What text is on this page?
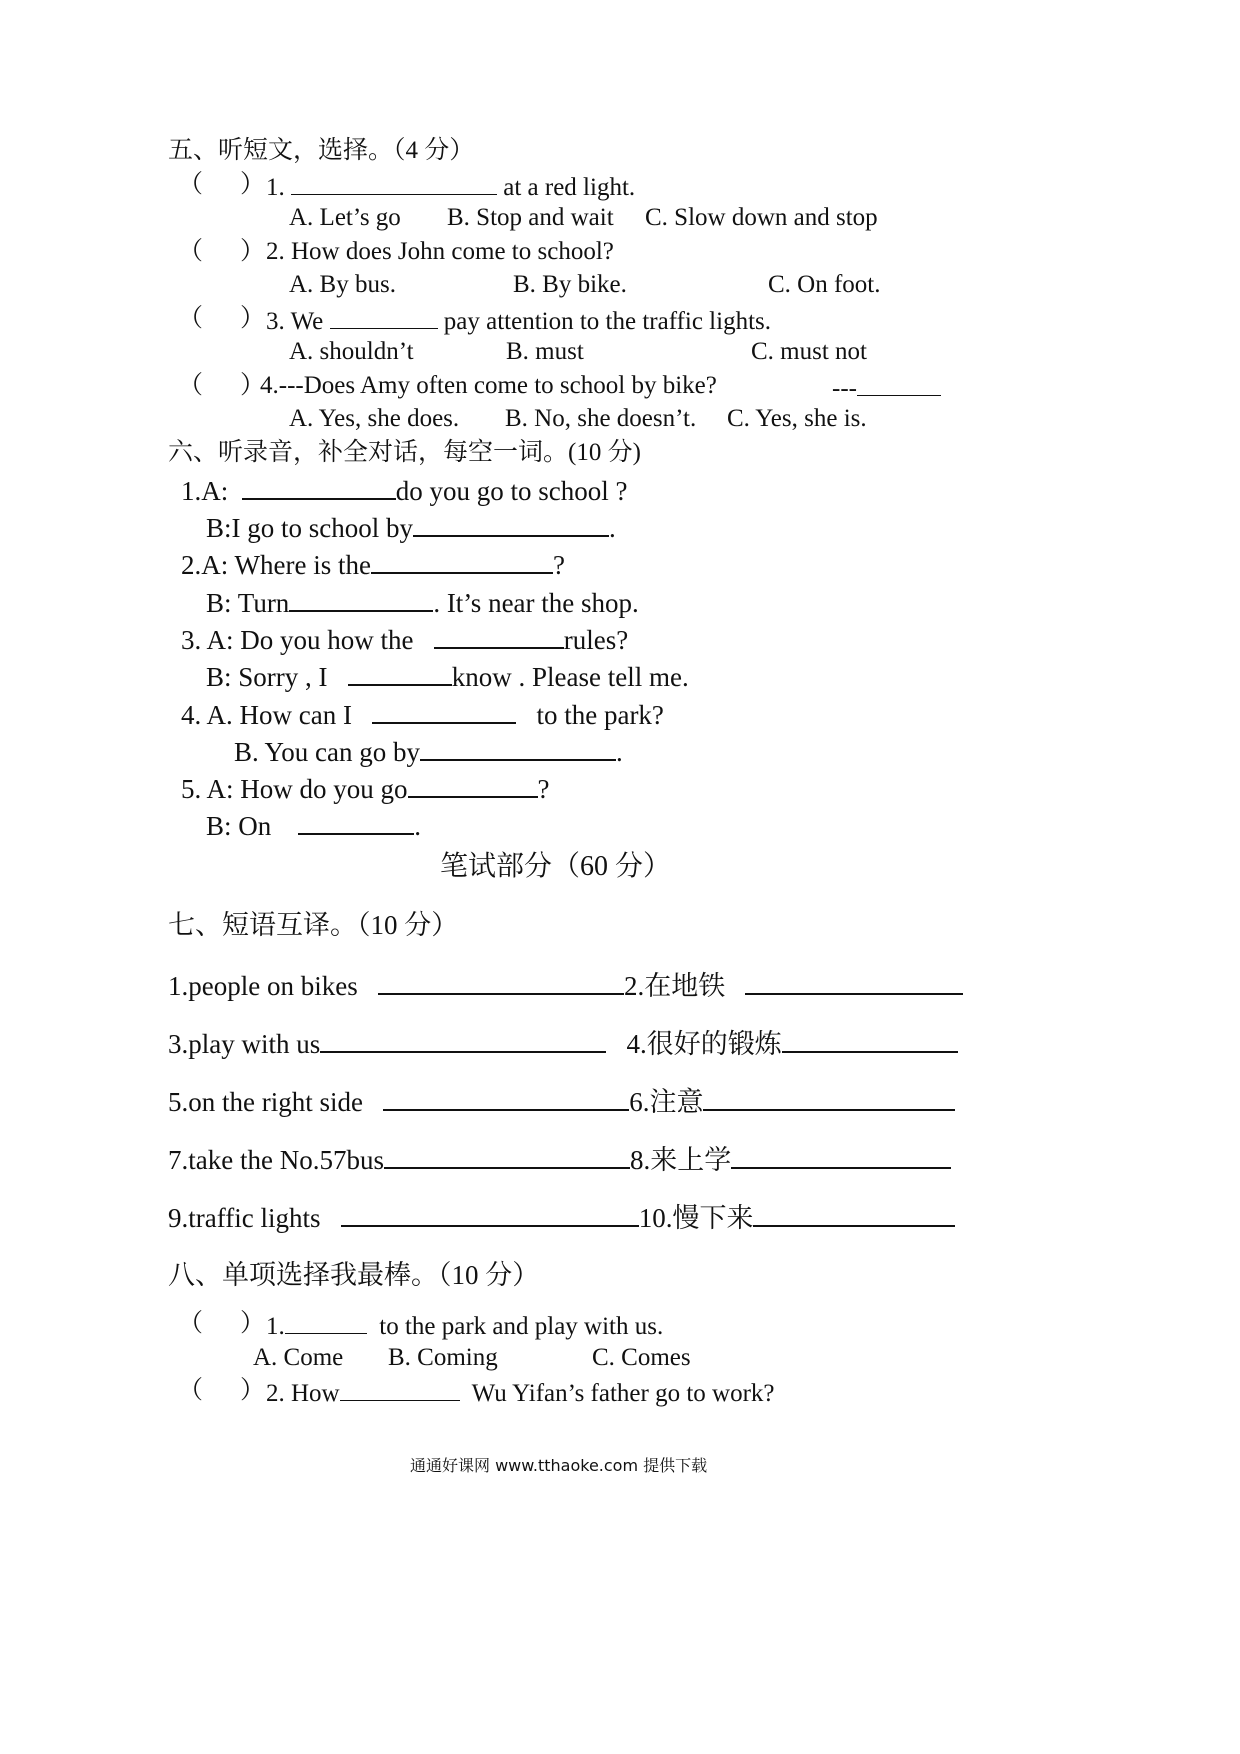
五、听短文，选择。（4 分）
（ ） 1.	at a red light.
A. Let’s go B. Stop and wait C. Slow down and stop
（ ） 2. How does John come to school?
A. By bus.	B. By bike.	C. On foot.
（ ） 3. We	pay attention to the traffic lights.
A. shouldn’t	B. must	C. must not
（ ）
4.---Does Amy often come to school by bike?	---
A. Yes, she does. B. No, she doesn’t. C. Yes, she is.
六、听录音，补全对话，每空一词。(10 分)
1.A:	do you go to school ?
B:I go to school by	.
2.A: Where is the	?
B: Turn	. It’s near the shop.
3. A: Do you how the	rules?
B: Sorry , I	know . Please tell me.
4. A. How can I	to the park?
B. You can go by	.
5. A: How do you go	?
B: On	.
笔试部分（60 分）
七、短语互译。（10 分）
1.people on bikes	2.在地铁
3.play with us	4.很好的锻炼
5.on the right side	6.注意
7.take the No.57bus	8.来上学
9.traffic lights	10.慢下来
八、单项选择我最棒。（10 分）
（ ） 1.	to the park and play with us.
A. Come B. Coming	C. Comes
（ ） 2. How	Wu Yifan’s father go to work?
通通好课网 www.tthaoke.com 提供下载
